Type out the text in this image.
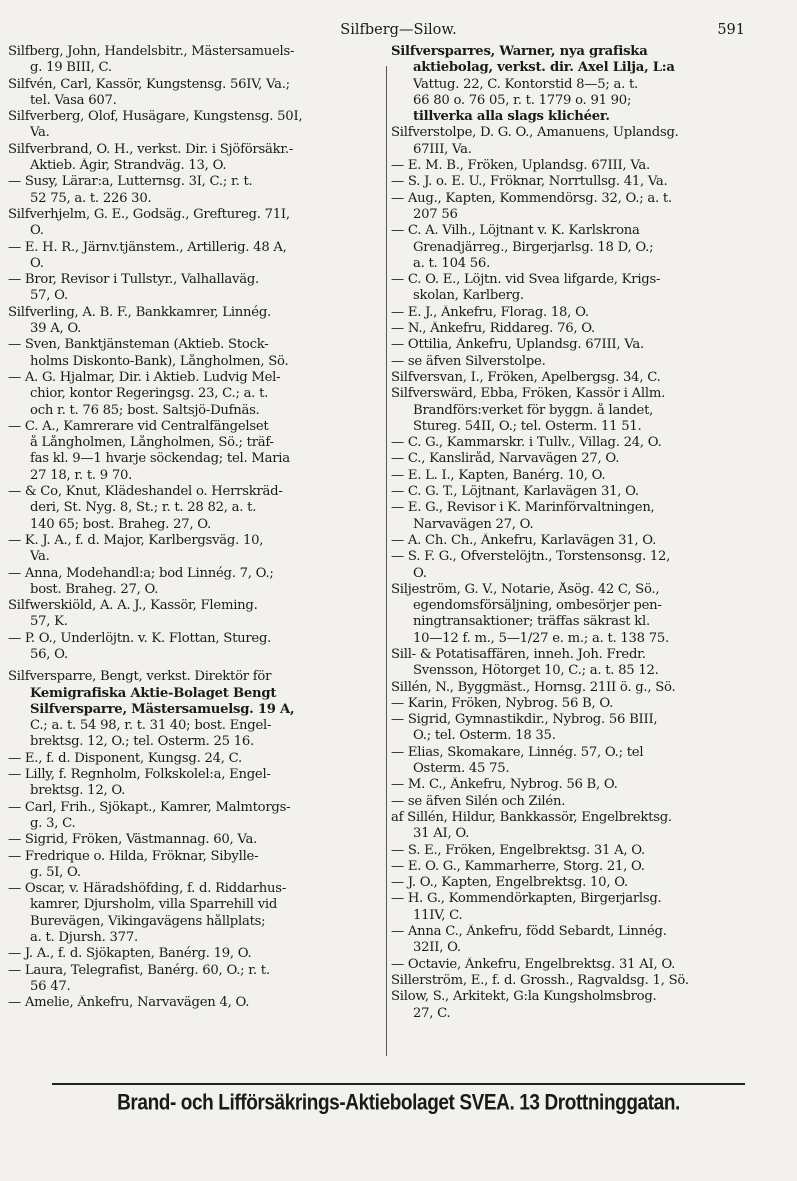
Silfberg—Silow.	591
Silfberg, John, Handelsbitr., Mästersamuels-
g. 19 BIII, C.
Silfvén, Carl, Kassör, Kungstensg. 56IV, Va.;
tel. Vasa 607.
Silfverberg, Olof, Husägare, Kungstensg. 50I,
Va.
Silfverbrand, O. H., verkst. Dir. i Sjöförsäkr.-
Aktieb. Ägir, Strandväg. 13, Ö.
— Susy, Lärar:a, Lutternsg. 3I, C.; r. t.
52 75, a. t. 226 30.
Silfverhjelm, G. E., Godsäg., Greftureg. 71I,
Ö.
— E. H. R., Järnv.tjänstem., Artillerig. 48 A,
Ö.
— Bror, Revisor i Tullstyr., Valhallaväg.
57, Ö.
Silfverling, A. B. F., Bankkamrer, Linnég.
39 A, Ö.
— Sven, Banktjänsteman (Aktieb. Stock-
holms Diskonto-Bank), Långholmen, Sö.
— A. G. Hjalmar, Dir. i Aktieb. Ludvig Mel-
chior, kontor Regeringsg. 23, C.; a. t.
och r. t. 76 85; bost. Saltsjö-Dufnäs.
— C. A., Kamrerare vid Centralfängelset
å Långholmen, Långholmen, Sö.; träf-
fas kl. 9—1 hvarje söckendag; tel. Maria
27 18, r. t. 9 70.
— & Co, Knut, Klädeshandel o. Herrskräd-
deri, St. Nyg. 8, St.; r. t. 28 82, a. t.
140 65; bost. Braheg. 27, Ö.
— K. J. A., f. d. Major, Karlbergsväg. 10,
Va.
— Anna, Modehandl:a; bod Linnég. 7, Ö.;
bost. Braheg. 27, Ö.
Silfwerskiöld, A. A. J., Kassör, Fleming.
57, K.
— P. O., Underlöjtn. v. K. Flottan, Stureg.
56, Ö.
Silfversparre, Bengt, verkst. Direktör för
Kemigrafiska Aktie-Bolaget Bengt
Silfversparre, Mästersamuelsg. 19 A,
C.; a. t. 54 98, r. t. 31 40; bost. Engel-
brektsg. 12, Ö.; tel. Österm. 25 16.
— E., f. d. Disponent, Kungsg. 24, C.
— Lilly, f. Regnholm, Folkskolel:a, Engel-
brektsg. 12, Ö.
— Carl, Frih., Sjökapt., Kamrer, Malmtorgs-
g. 3, C.
— Sigrid, Fröken, Västmannag. 60, Va.
— Fredrique o. Hilda, Fröknar, Sibylle-
g. 5I, Ö.
— Oscar, v. Häradshöfding, f. d. Riddarhus-
kamrer, Djursholm, villa Sparrehill vid
Burevägen, Vikingavägens hållplats;
a. t. Djursh. 377.
— J. A., f. d. Sjökapten, Banérg. 19, Ö.
— Laura, Telegrafist, Banérg. 60, Ö.; r. t.
56 47.
— Amelie, Änkefru, Narvavägen 4, Ö.
Silfversparres, Warner, nya grafiska
aktiebolag, verkst. dir. Axel Lilja, L:a
Vattug. 22, C. Kontorstid 8—5; a. t.
66 80 o. 76 05, r. t. 1779 o. 91 90;
tillverka alla slags klichéer.
Silfverstolpe, D. G. O., Amanuens, Uplandsg.
67III, Va.
— E. M. B., Fröken, Uplandsg. 67III, Va.
— S. J. o. E. U., Fröknar, Norrtullsg. 41, Va.
— Aug., Kapten, Kommendörsg. 32, Ö.; a. t.
207 56
— C. A. Vilh., Löjtnant v. K. Karlskrona
Grenadjärreg., Birgerjarlsg. 18 D, Ö.;
a. t. 104 56.
— C. O. E., Löjtn. vid Svea lifgarde, Krigs-
skolan, Karlberg.
— E. J., Änkefru, Florag. 18, Ö.
— N., Änkefru, Riddareg. 76, Ö.
— Ottilia, Änkefru, Uplandsg. 67III, Va.
— se äfven Silverstolpe.
Silfversvan, I., Fröken, Apelbergsg. 34, C.
Silfverswärd, Ebba, Fröken, Kassör i Allm.
Brandförs:verket för byggn. å landet,
Stureg. 54II, Ö.; tel. Österm. 11 51.
— C. G., Kammarskr. i Tullv., Villag. 24, Ö.
— C., Kansliråd, Narvavägen 27, Ö.
— E. L. I., Kapten, Banérg. 10, Ö.
— C. G. T., Löjtnant, Karlavägen 31, Ö.
— E. G., Revisor i K. Marinförvaltningen,
Narvavägen 27, Ö.
— A. Ch. Ch., Änkefru, Karlavägen 31, Ö.
— S. F. G., Öfverstelöjtn., Torstensonsg. 12,
Ö.
Siljeström, G. V., Notarie, Åsög. 42 C, Sö.,
egendomsförsäljning, ombesörjer pen-
ningtransaktioner; träffas säkrast kl.
10—12 f. m., 5—1/27 e. m.; a. t. 138 75.
Sill- & Potatisaffären, inneh. Joh. Fredr.
Svensson, Hötorget 10, C.; a. t. 85 12.
Sillén, N., Byggmäst., Hornsg. 21II ö. g., Sö.
— Karin, Fröken, Nybrog. 56 B, Ö.
— Sigrid, Gymnastikdir., Nybrog. 56 BIII,
Ö.; tel. Österm. 18 35.
— Elias, Skomakare, Linnég. 57, Ö.; tel
Österm. 45 75.
— M. C., Änkefru, Nybrog. 56 B, Ö.
— se äfven Silén och Zilén.
af Sillén, Hildur, Bankkassör, Engelbrektsg.
31 AI, Ö.
— S. E., Fröken, Engelbrektsg. 31 A, Ö.
— E. O. G., Kammarherre, Storg. 21, Ö.
— J. O., Kapten, Engelbrektsg. 10, Ö.
— H. G., Kommendörkapten, Birgerjarlsg.
11IV, C.
— Anna C., Änkefru, född Sebardt, Linnég.
32II, Ö.
— Octavie, Änkefru, Engelbrektsg. 31 AI, Ö.
Sillerström, E., f. d. Grossh., Ragvaldsg. 1, Sö.
Silow, S., Arkitekt, G:la Kungsholmsbrog.
27, C.
Brand- och Lifförsäkrings-Aktiebolaget SVEA. 13 Drottninggatan.
